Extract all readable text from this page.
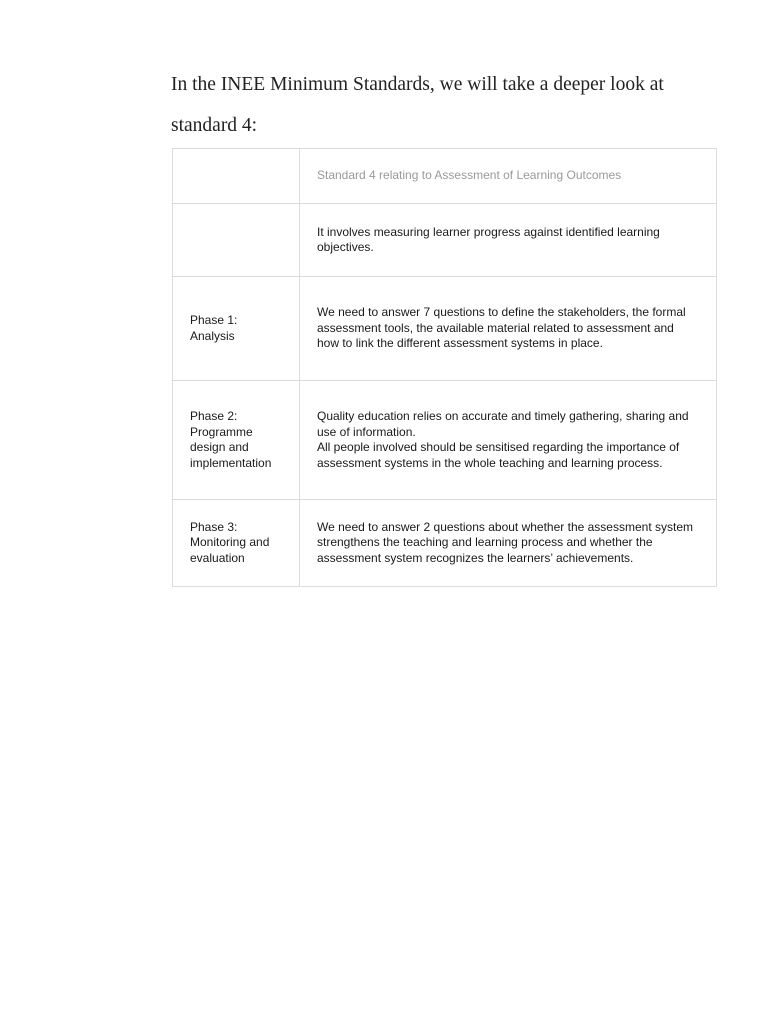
In the INEE Minimum Standards, we will take a deeper look at standard 4:

	Standard 4 relating to Assessment of Learning Outcomes
	It involves measuring learner progress against identified learning objectives.
Phase 1:
Analysis	We need to answer 7 questions to define the stakeholders, the formal assessment tools, the available material related to assessment and how to link the different assessment systems in place.
Phase 2:
Programme design and implementation	Quality education relies on accurate and timely gathering, sharing and use of information.
All people involved should be sensitised regarding the importance of assessment systems in the whole teaching and learning process.
Phase 3:
Monitoring and evaluation	We need to answer 2 questions about whether the assessment system strengthens the teaching and learning process and whether the assessment system recognizes the learners’ achievements.
